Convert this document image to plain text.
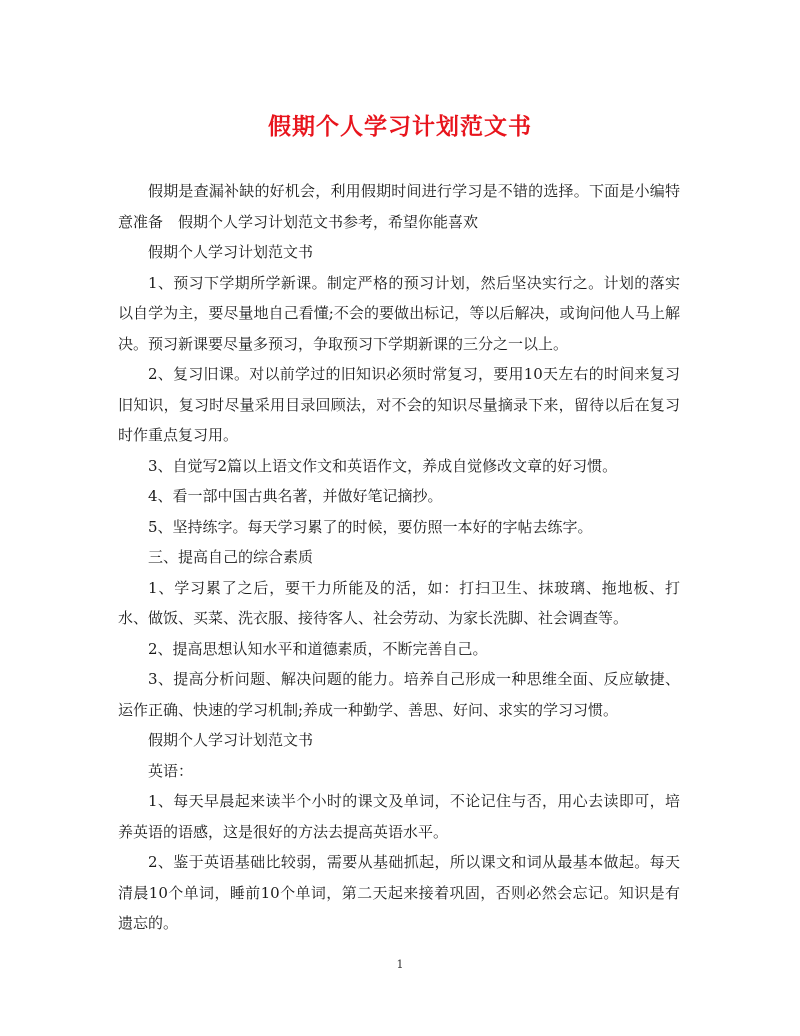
假期个人学习计划范文书

假期是查漏补缺的好机会，利用假期时间进行学习是不错的选择。下面是小编特意准备　假期个人学习计划范文书参考，希望你能喜欢

假期个人学习计划范文书

1、预习下学期所学新课。制定严格的预习计划，然后坚决实行之。计划的落实以自学为主，要尽量地自己看懂;不会的要做出标记，等以后解决，或询问他人马上解决。预习新课要尽量多预习，争取预习下学期新课的三分之一以上。

2、复习旧课。对以前学过的旧知识必须时常复习，要用10天左右的时间来复习旧知识，复习时尽量采用目录回顾法，对不会的知识尽量摘录下来，留待以后在复习时作重点复习用。

3、自觉写2篇以上语文作文和英语作文，养成自觉修改文章的好习惯。

4、看一部中国古典名著，并做好笔记摘抄。

5、坚持练字。每天学习累了的时候，要仿照一本好的字帖去练字。

三、提高自己的综合素质

1、学习累了之后，要干力所能及的活，如：打扫卫生、抹玻璃、拖地板、打水、做饭、买菜、洗衣服、接待客人、社会劳动、为家长洗脚、社会调查等。

2、提高思想认知水平和道德素质，不断完善自己。

3、提高分析问题、解决问题的能力。培养自己形成一种思维全面、反应敏捷、运作正确、快速的学习机制;养成一种勤学、善思、好问、求实的学习习惯。

假期个人学习计划范文书

英语：

1、每天早晨起来读半个小时的课文及单词，不论记住与否，用心去读即可，培养英语的语感，这是很好的方法去提高英语水平。

2、鉴于英语基础比较弱，需要从基础抓起，所以课文和词从最基本做起。每天清晨10个单词，睡前10个单词，第二天起来接着巩固，否则必然会忘记。知识是有遗忘的。

1
